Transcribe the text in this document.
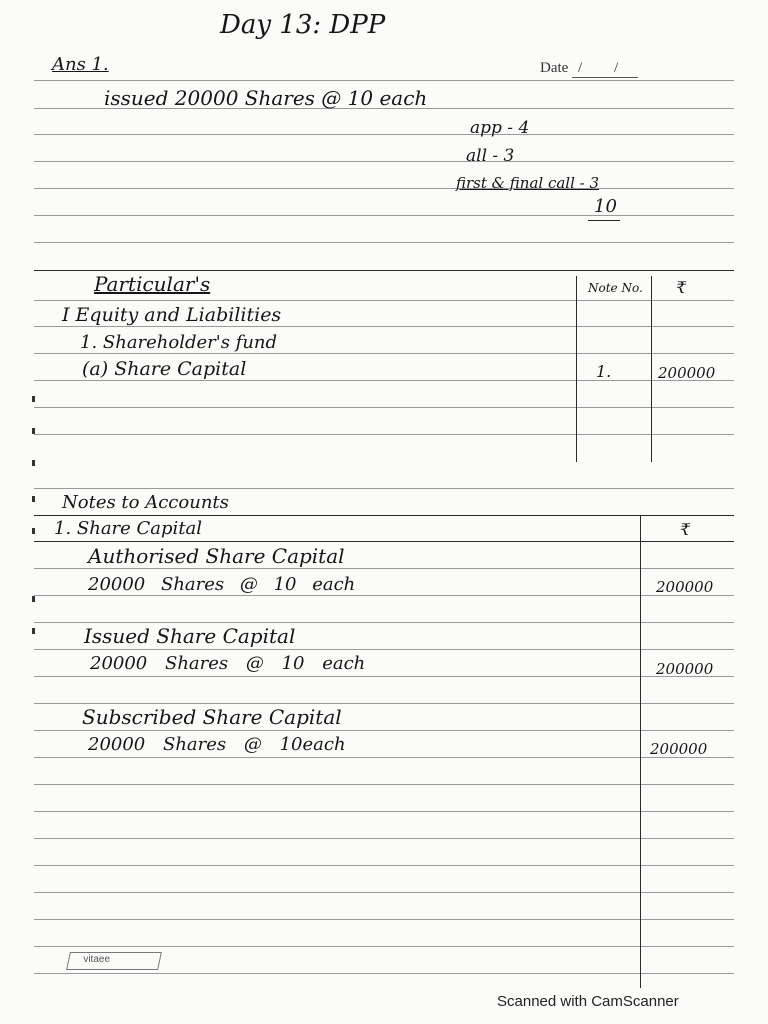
Day 13: DPP
Ans 1.	Date / /
issued 20000 Shares @ 10 each
app - 4
all - 3
first & final call - 3
10
Particular's	Note No. ₹
I Equity and Liabilities
1. Shareholder's fund
(a) Share Capital	1.	200000
Notes to Accounts
1. Share Capital	₹
Authorised Share Capital
20000 Shares @ 10 each	200000
Issued Share Capital
20000 Shares @ 10 each	200000
Subscribed Share Capital
20000 Shares @ 10each	200000
vitaee
Scanned with CamScanner
